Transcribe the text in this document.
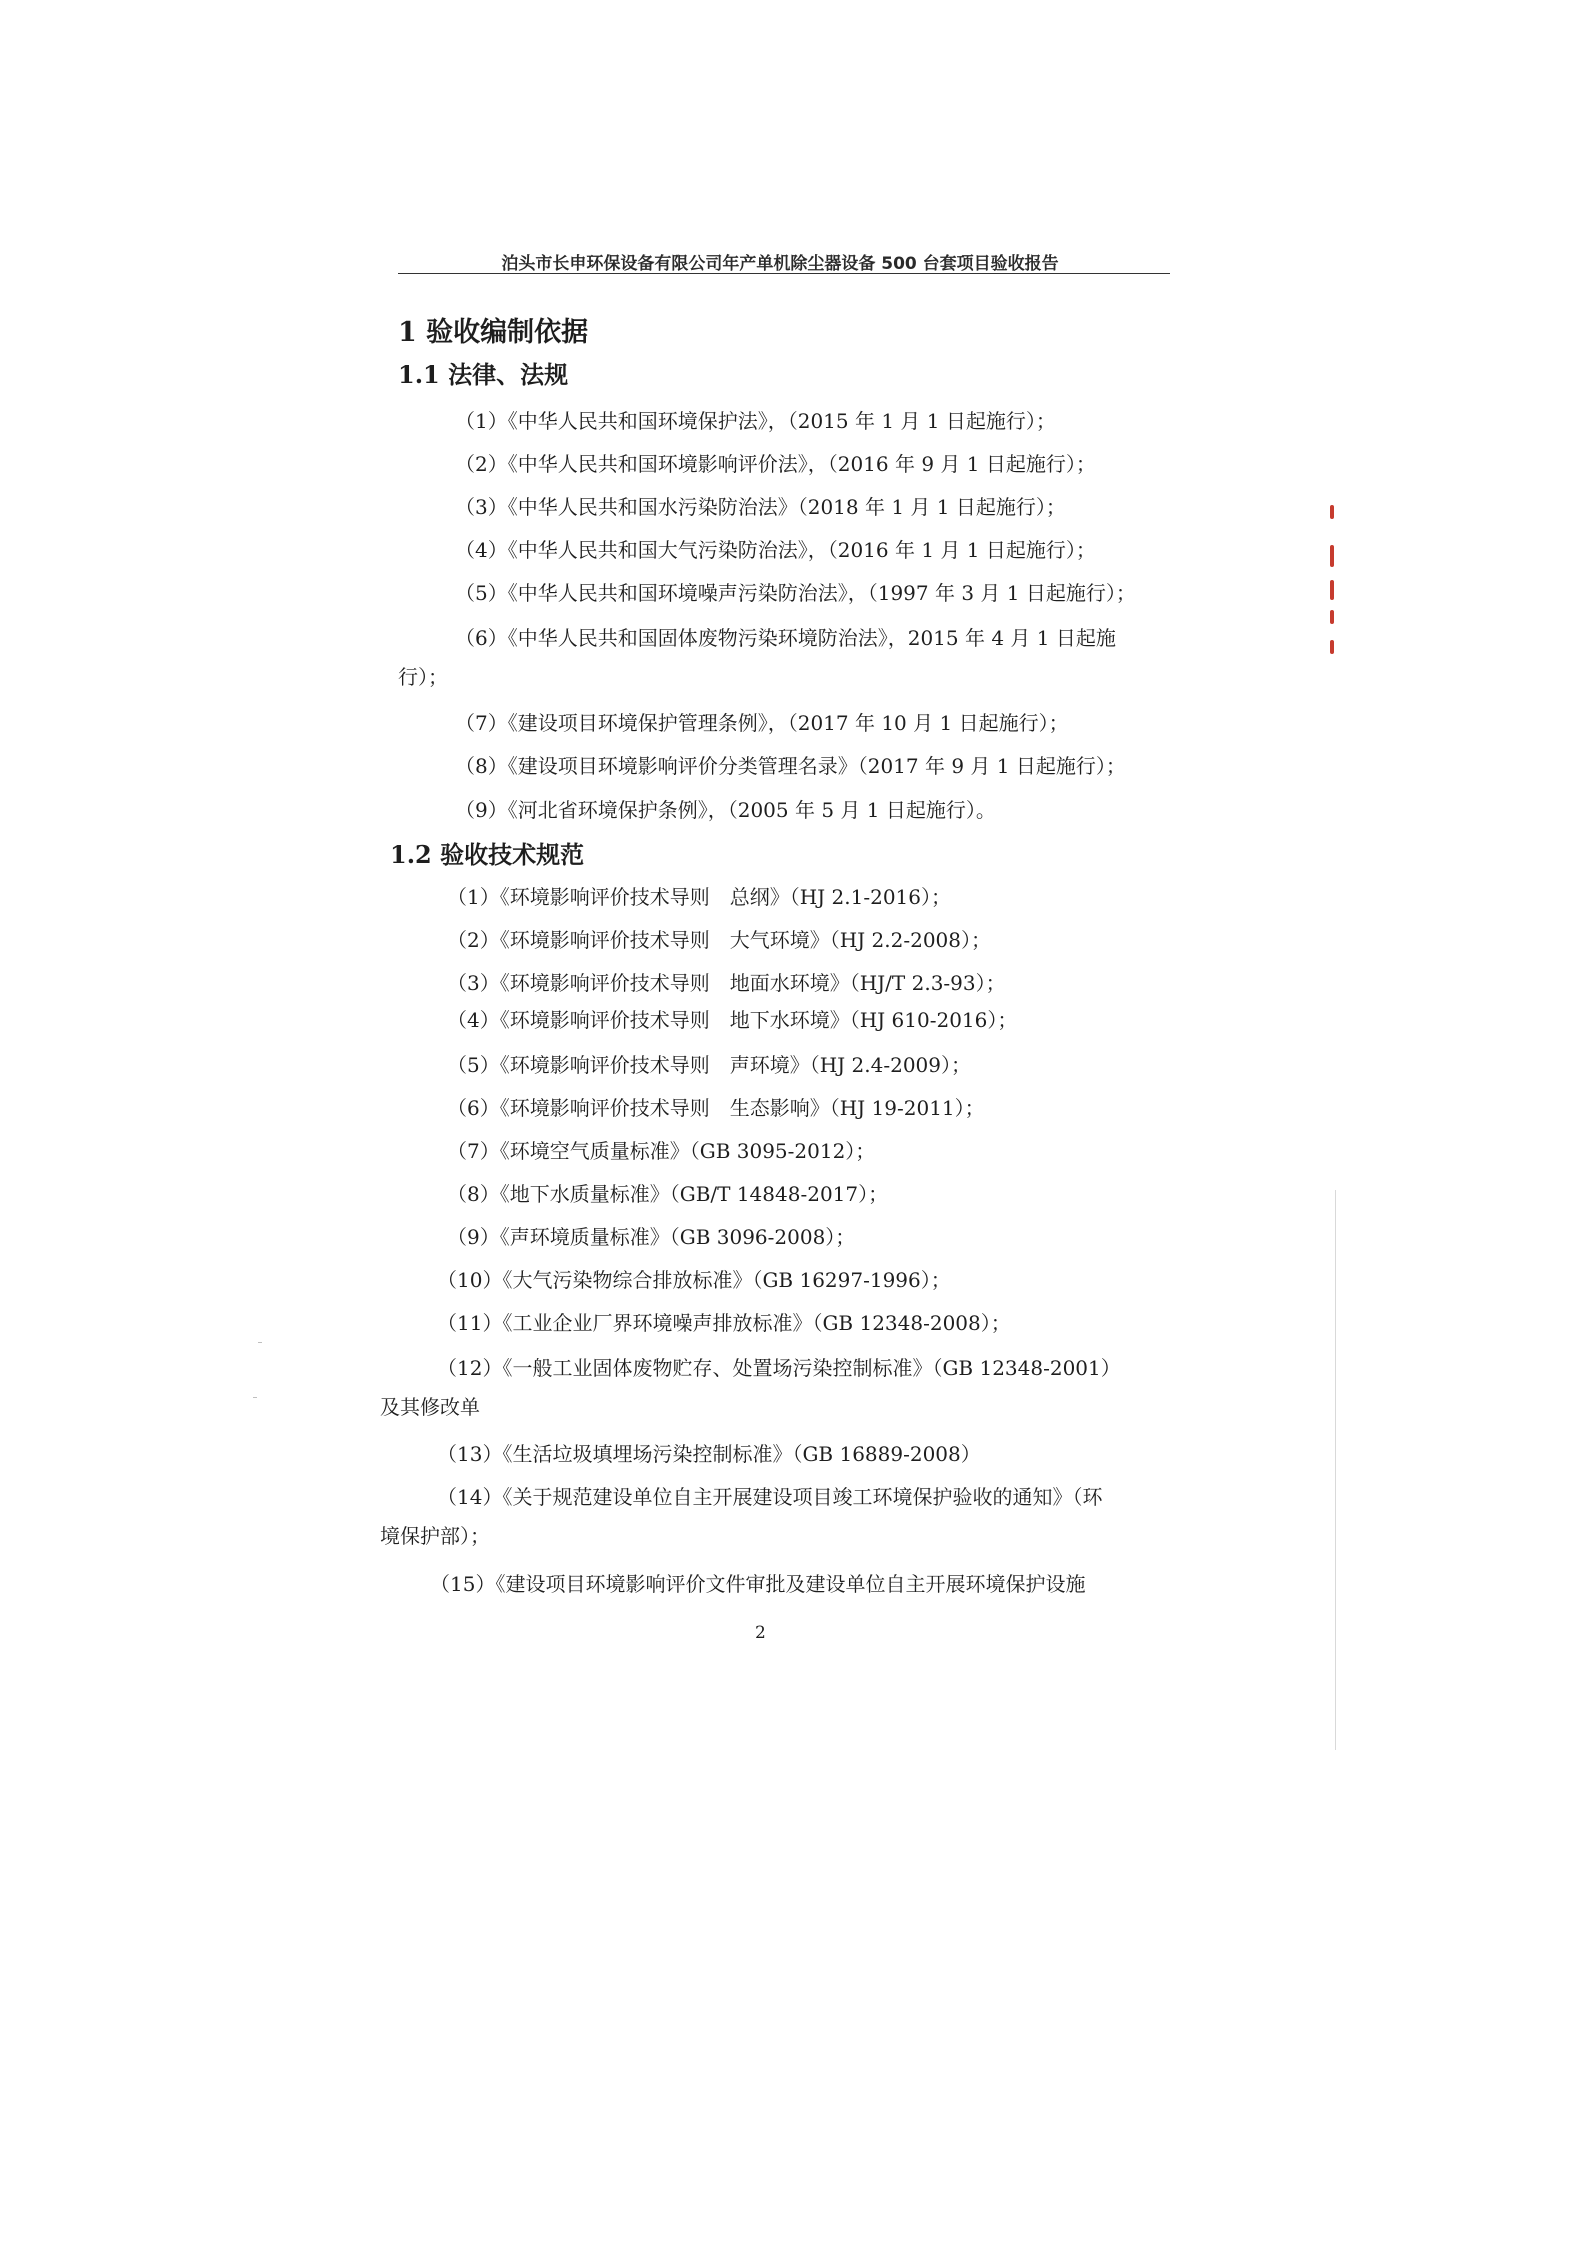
泊头市长申环保设备有限公司年产单机除尘器设备 500 台套项目验收报告
1 验收编制依据
1.1 法律、法规
（1）《中华人民共和国环境保护法》，（2015 年 1 月 1 日起施行）；
（2）《中华人民共和国环境影响评价法》，（2016 年 9 月 1 日起施行）；
（3）《中华人民共和国水污染防治法》（2018 年 1 月 1 日起施行）；
（4）《中华人民共和国大气污染防治法》，（2016 年 1 月 1 日起施行）；
（5）《中华人民共和国环境噪声污染防治法》，（1997 年 3 月 1 日起施行）；
（6）《中华人民共和国固体废物污染环境防治法》，2015 年 4 月 1 日起施
行）；
（7）《建设项目环境保护管理条例》，（2017 年 10 月 1 日起施行）；
（8）《建设项目环境影响评价分类管理名录》（2017 年 9 月 1 日起施行）；
（9）《河北省环境保护条例》，（2005 年 5 月 1 日起施行）。
1.2 验收技术规范
（1）《环境影响评价技术导则　总纲》（HJ 2.1-2016）；
（2）《环境影响评价技术导则　大气环境》（HJ 2.2-2008）；
（3）《环境影响评价技术导则　地面水环境》（HJ/T 2.3-93）；
（4）《环境影响评价技术导则　地下水环境》（HJ 610-2016）；
（5）《环境影响评价技术导则　声环境》（HJ 2.4-2009）；
（6）《环境影响评价技术导则　生态影响》（HJ 19-2011）；
（7）《环境空气质量标准》（GB 3095-2012）；
（8）《地下水质量标准》（GB/T 14848-2017）；
（9）《声环境质量标准》（GB 3096-2008）；
（10）《大气污染物综合排放标准》（GB 16297-1996）；
（11）《工业企业厂界环境噪声排放标准》（GB 12348-2008）；
（12）《一般工业固体废物贮存、处置场污染控制标准》（GB 12348-2001）
及其修改单
（13）《生活垃圾填埋场污染控制标准》（GB 16889-2008）
（14）《关于规范建设单位自主开展建设项目竣工环境保护验收的通知》（环
境保护部）；
（15）《建设项目环境影响评价文件审批及建设单位自主开展环境保护设施
2
